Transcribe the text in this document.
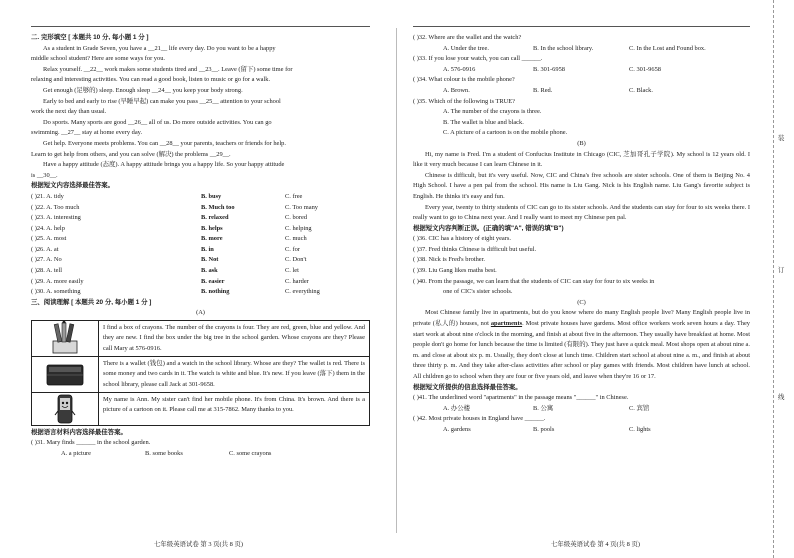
二. 完形填空 [ 本题共 10 分, 每小题 1 分 ]
As a student in Grade Seven, you have a __21__ life every day. Do you want to be a happy
middle school student? Here are some ways for you.
Relax yourself. __22__ work makes some students tired and __23__. Leave (留下) some time for
relaxing and interesting activities. You can read a good book, listen to music or go for a walk.
Get enough (足够的) sleep. Enough sleep __24__ you keep your body strong.
Early to bed and early to rise (早睡早起) can make you pass __25__ attention to your school
work the next day than usual.
Do sports. Many sports are good __26__ all of us. Do more outside activities. You can go
swimming. __27__ stay at home every day.
Get help. Everyone meets problems. You can __28__ your parents, teachers or friends for help.
Learn to get help from others, and you can solve (解决) the problems __29__.
Have a happy attitude (态度). A happy attitude brings you a happy life. So your happy attitude
is __30__.
根据短文内容选择最佳答案。
( )21. A. tidy	B. busy	C. free
( )22. A. Too much	B. Much too	C. Too many
( )23. A. interesting	B. relaxed	C. bored
( )24. A. help	B. helps	C. helping
( )25. A. most	B. more	C. much
( )26. A. at	B. in	C. for
( )27. A. No	B. Not	C. Don't
( )28. A. tell	B. ask	C. let
( )29. A. more easily	B. easier	C. harder
( )30. A. something	B. nothing	C. everything
三、阅读理解 [ 本题共 20 分, 每小题 1 分 ]
(A)
I find a box of crayons. The number of the crayons is four. They are red, green, blue and yellow. And they are new. I find the box under the big tree in the school garden. Whose crayons are they? Please call Mary at 576-0916.
There is a wallet (钱包) and a watch in the school library. Whose are they? The wallet is red. There is some money and two cards in it. The watch is white and blue. It's new. If you leave (落下) them in the school library, please call Jack at 301-9658.
My name is Ann. My sister can't find her mobile phone. It's from China. It's brown. And there is a picture of a cartoon on it. Please call me at 315-7862. Many thanks to you.
根据语言材料内容选择最佳答案。
( )31. Mary finds ______ in the school garden.
A. a picture	B. some books	C. some crayons
七年级英语试卷 第 3 页(共 8 页)
( )32. Where are the wallet and the watch?
A. Under the tree.	B. In the school library.	C. In the Lost and Found box.
( )33. If you lose your watch, you can call ______.
A. 576-0916	B. 301-6958	C. 301-9658
( )34. What colour is the mobile phone?
A. Brown.	B. Red.	C. Black.
( )35. Which of the following is TRUE?
A. The number of the crayons is three.
B. The wallet is blue and black.
C. A picture of a cartoon is on the mobile phone.
(B)

Hi, my name is Fred. I'm a student of Confucius Institute in Chicago (CIC, 芝加哥孔子学院). My school is 12 years old. I like it very much because I can learn Chinese in it.

Chinese is difficult, but it's very useful. Now, CIC and China's five schools are sister schools. One of them is Beijing No. 4 High School. I have a pen pal from the school. His name is Liu Gang. Nick is his English name. Liu Gang's favorite subject is English. He thinks it's easy and fun.

Every year, twenty to thirty students of CIC can go to its sister schools. And the students can stay for four to six weeks there. I really want to go to China next year. And I really want to meet my Chinese pen pal.

根据短文内容判断正误。(正确的填"A", 错误的填"B")
( )36. CIC has a history of eight years.
( )37. Fred thinks Chinese is difficult but useful.
( )38. Nick is Fred's brother.
( )39. Liu Gang likes maths best.
( )40. From the passage, we can learn that the students of CIC can stay for four to six weeks in
one of CIC's sister schools.
(C)

Most Chinese family live in apartments, but do you know where do many English people live? Many English people live in private (私人的) houses, not apartments. Most private houses have gardens. Most office workers work seven hours a day. They start work at about nine o'clock in the morning, and finish at about five in the afternoon. They usually have breakfast at home. Most people don't go home for lunch because the time is limited (有限的). They just have a quick meal. Most shops open at about nine a. m. and close at about six p. m. Usually, they don't close at lunch time. Children start school at about nine a. m., and finish at about three thirty p. m. And they take after-class activities after school or play games with friends. Most children have lunch at school. All children go to school when they are four or five years old, and leave when they're 16 or 17.

根据短文所提供的信息选择最佳答案。
( )41. The underlined word "apartments" in the passage means "______" in Chinese.
A. 办公楼	B. 公寓	C. 宾馆
( )42. Most private houses in England have ______.
A. gardens	B. pools	C. lights
七年级英语试卷 第 4 页(共 8 页)
装
订
线
